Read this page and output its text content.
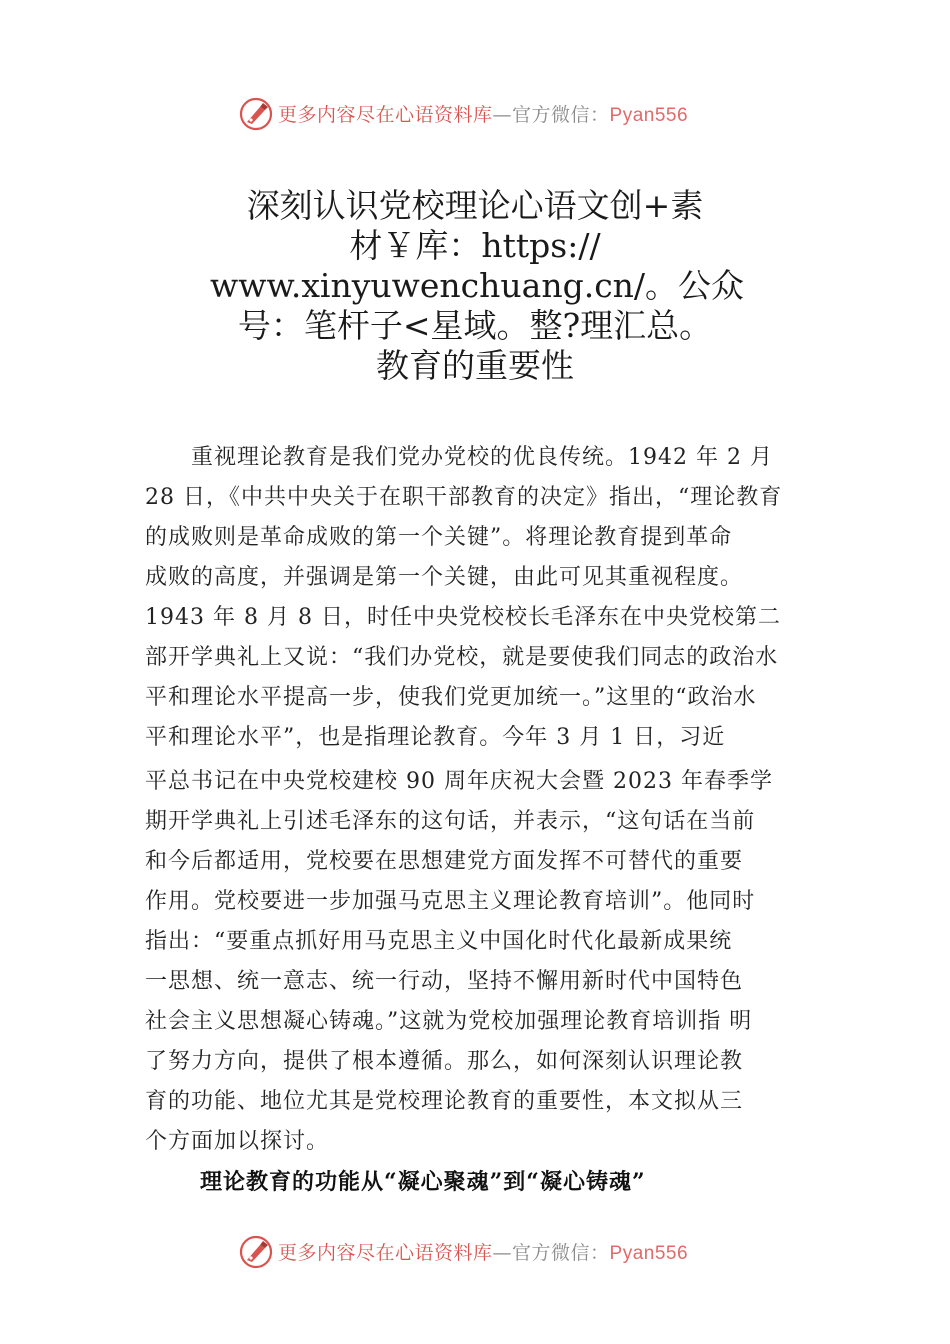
更多内容尽在心语资料库—官方微信：Pyan556
深刻认识党校理论心语文创+素
材￥库：https://
www.xinyuwenchuang.cn/。公众
号：笔杆子<星域。整?理汇总。
教育的重要性
　　重视理论教育是我们党办党校的优良传统。1942 年 2 月
28 日，《中共中央关于在职干部教育的决定》指出，“理论教育
的成败则是革命成败的第一个关键”。将理论教育提到革命
成败的高度，并强调是第一个关键，由此可见其重视程度。
1943 年 8 月 8 日，时任中央党校校长毛泽东在中央党校第二
部开学典礼上又说：“我们办党校，就是要使我们同志的政治水
平和理论水平提高一步，使我们党更加统一。”这里的“政治水
平和理论水平”，也是指理论教育。今年 3 月 1 日，习近
平总书记在中央党校建校 90 周年庆祝大会暨 2023 年春季学
期开学典礼上引述毛泽东的这句话，并表示，“这句话在当前
和今后都适用，党校要在思想建党方面发挥不可替代的重要
作用。党校要进一步加强马克思主义理论教育培训”。他同时
指出：“要重点抓好用马克思主义中国化时代化最新成果统
一思想、统一意志、统一行动，坚持不懈用新时代中国特色
社会主义思想凝心铸魂。”这就为党校加强理论教育培训指 明
了努力方向，提供了根本遵循。那么，如何深刻认识理论教
育的功能、地位尤其是党校理论教育的重要性，本文拟从三
个方面加以探讨。
理论教育的功能从“凝心聚魂”到“凝心铸魂”
更多内容尽在心语资料库—官方微信：Pyan556
